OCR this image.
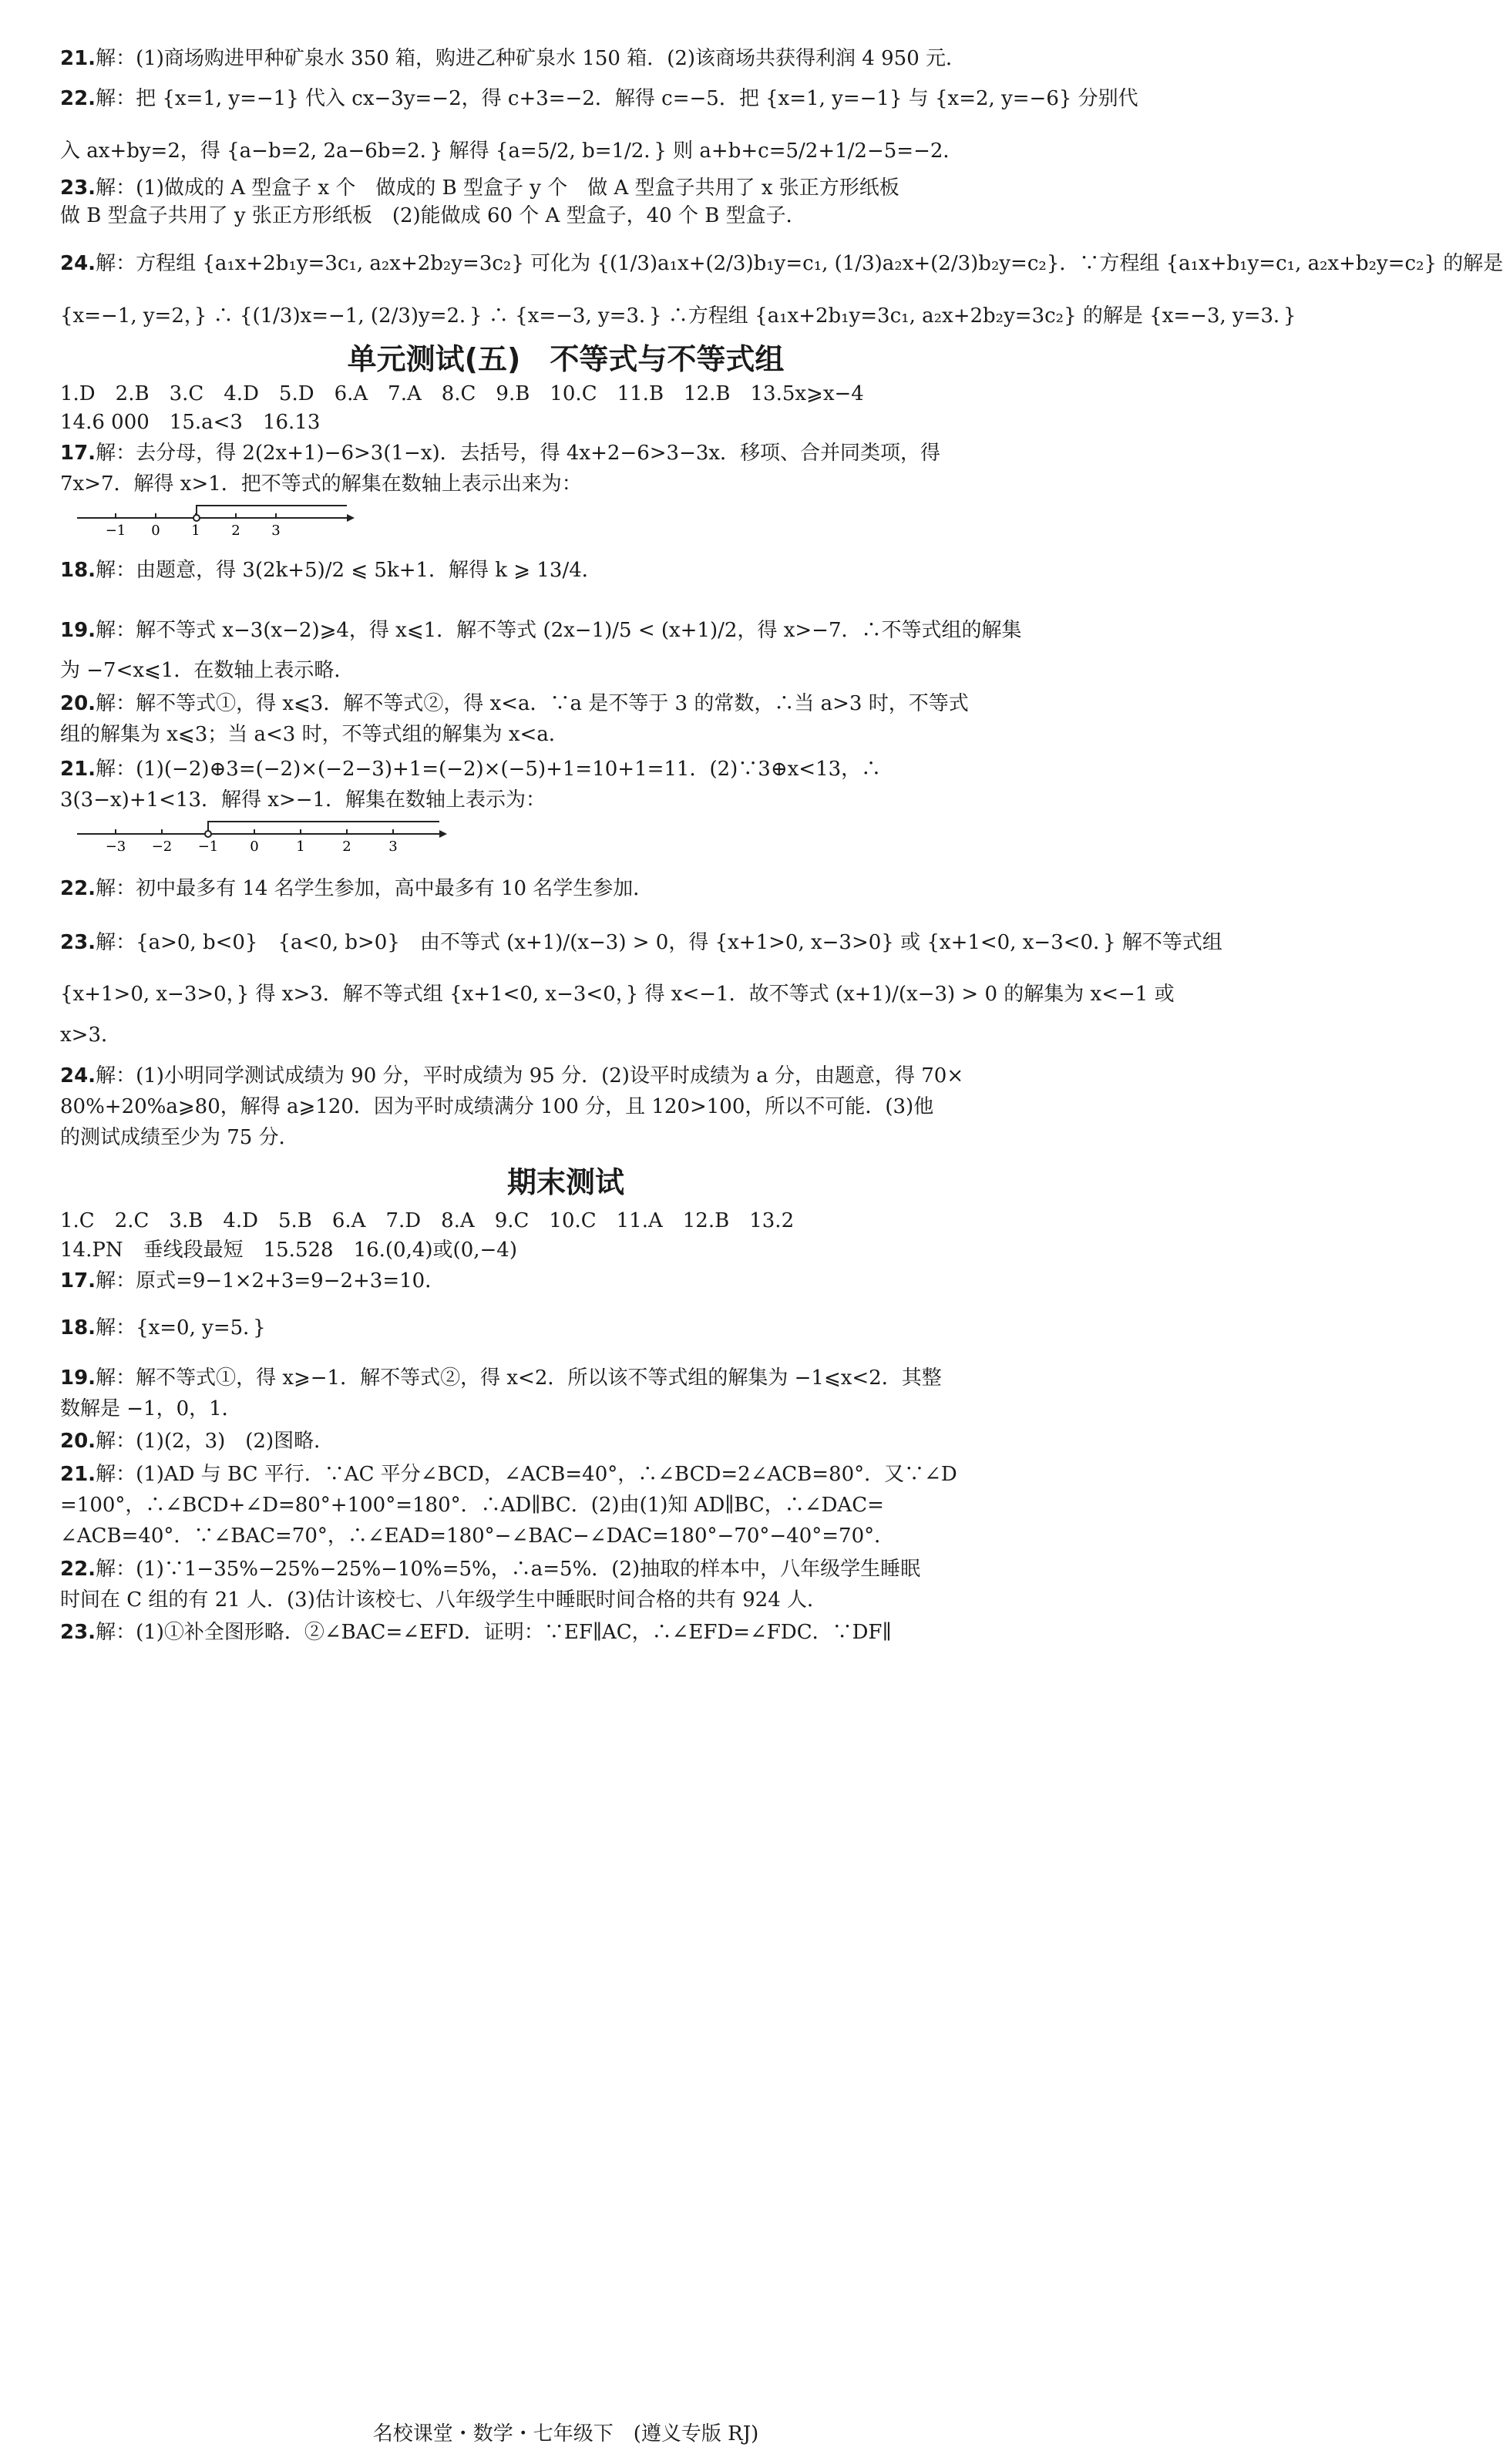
21.解：(1)商场购进甲种矿泉水 350 箱，购进乙种矿泉水 150 箱．(2)该商场共获得利润 4 950 元．
22.解：把 {x=1, y=−1} 代入 cx−3y=−2，得 c+3=−2．解得 c=−5．把 {x=1, y=−1} 与 {x=2, y=−6} 分别代
入 ax+by=2，得 {a−b=2, 2a−6b=2．} 解得 {a=5/2, b=1/2．} 则 a+b+c=5/2+1/2−5=−2．
23.解：(1)做成的 A 型盒子 x 个　做成的 B 型盒子 y 个　做 A 型盒子共用了 x 张正方形纸板
做 B 型盒子共用了 y 张正方形纸板　(2)能做成 60 个 A 型盒子，40 个 B 型盒子．
24.解：方程组 {a₁x+2b₁y=3c₁, a₂x+2b₂y=3c₂} 可化为 {(1/3)a₁x+(2/3)b₁y=c₁, (1/3)a₂x+(2/3)b₂y=c₂}．∵方程组 {a₁x+b₁y=c₁, a₂x+b₂y=c₂} 的解是
{x=−1, y=2，} ∴ {(1/3)x=−1, (2/3)y=2．} ∴ {x=−3, y=3．} ∴方程组 {a₁x+2b₁y=3c₁, a₂x+2b₂y=3c₂} 的解是 {x=−3, y=3．}
单元测试(五)　不等式与不等式组
1.D　2.B　3.C　4.D　5.D　6.A　7.A　8.C　9.B　10.C　11.B　12.B　13.5x⩾x−4
14.6 000　15.a<3　16.13
17.解：去分母，得 2(2x+1)−6>3(1−x)．去括号，得 4x+2−6>3−3x．移项、合并同类项，得
7x>7．解得 x>1．把不等式的解集在数轴上表示出来为：
−1 0 1 2 3
18.解：由题意，得 3(2k+5)/2 ⩽ 5k+1．解得 k ⩾ 13/4．
19.解：解不等式 x−3(x−2)⩾4，得 x⩽1．解不等式 (2x−1)/5 < (x+1)/2，得 x>−7．∴不等式组的解集
为 −7<x⩽1．在数轴上表示略．
20.解：解不等式①，得 x⩽3．解不等式②，得 x<a．∵a 是不等于 3 的常数，∴当 a>3 时，不等式
组的解集为 x⩽3；当 a<3 时，不等式组的解集为 x<a．
21.解：(1)(−2)⊕3=(−2)×(−2−3)+1=(−2)×(−5)+1=10+1=11．(2)∵3⊕x<13，∴
3(3−x)+1<13．解得 x>−1．解集在数轴上表示为：
−3 −2 −1 0	1	2	3
22.解：初中最多有 14 名学生参加，高中最多有 10 名学生参加．
23.解：{a>0, b<0}　{a<0, b>0}　由不等式 (x+1)/(x−3) > 0，得 {x+1>0, x−3>0} 或 {x+1<0, x−3<0．} 解不等式组
{x+1>0, x−3>0，} 得 x>3．解不等式组 {x+1<0, x−3<0，} 得 x<−1．故不等式 (x+1)/(x−3) > 0 的解集为 x<−1 或
x>3．
24.解：(1)小明同学测试成绩为 90 分，平时成绩为 95 分．(2)设平时成绩为 a 分，由题意，得 70×
80%+20%a⩾80，解得 a⩾120．因为平时成绩满分 100 分，且 120>100，所以不可能．(3)他
的测试成绩至少为 75 分．
期末测试
1.C　2.C　3.B　4.D　5.B　6.A　7.D　8.A　9.C　10.C　11.A　12.B　13.2
14.PN　垂线段最短　15.528　16.(0,4)或(0,−4)
17.解：原式=9−1×2+3=9−2+3=10．
18.解：{x=0, y=5．}
19.解：解不等式①，得 x⩾−1．解不等式②，得 x<2．所以该不等式组的解集为 −1⩽x<2．其整
数解是 −1，0，1．
20.解：(1)(2，3)　(2)图略．
21.解：(1)AD 与 BC 平行．∵AC 平分∠BCD，∠ACB=40°，∴∠BCD=2∠ACB=80°．又∵∠D
=100°，∴∠BCD+∠D=80°+100°=180°．∴AD∥BC．(2)由(1)知 AD∥BC，∴∠DAC=
∠ACB=40°．∵∠BAC=70°，∴∠EAD=180°−∠BAC−∠DAC=180°−70°−40°=70°．
22.解：(1)∵1−35%−25%−25%−10%=5%，∴a=5%．(2)抽取的样本中，八年级学生睡眠
时间在 C 组的有 21 人．(3)估计该校七、八年级学生中睡眠时间合格的共有 924 人．
23.解：(1)①补全图形略．②∠BAC=∠EFD．证明：∵EF∥AC，∴∠EFD=∠FDC．∵DF∥
名校课堂・数学・七年级下　(遵义专版 RJ)
